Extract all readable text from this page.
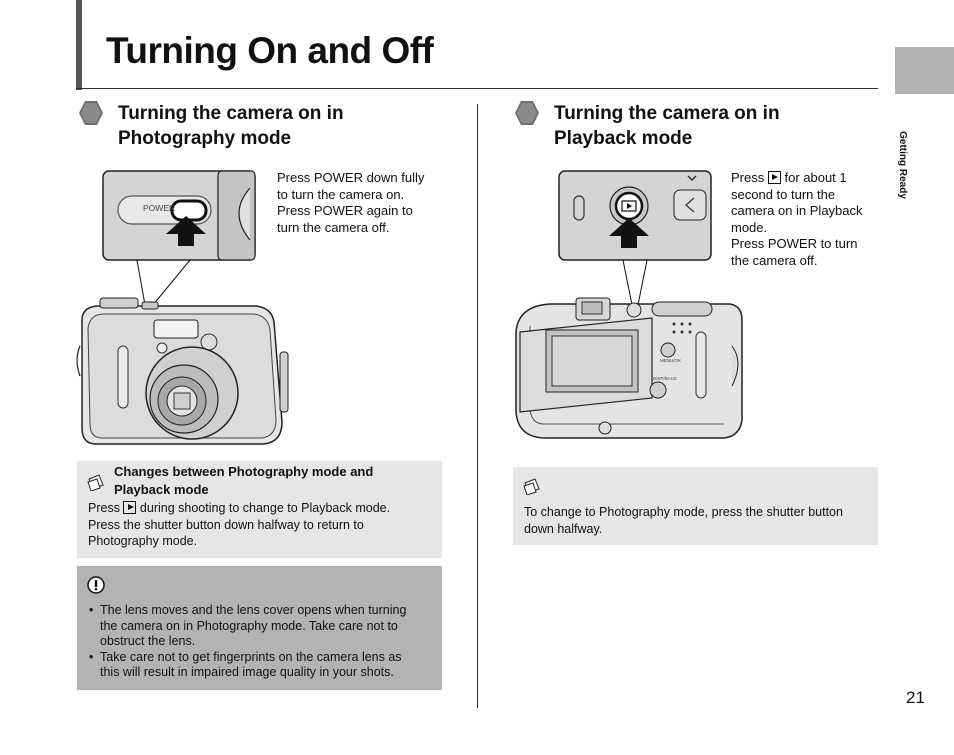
Turning On and Off
Getting Ready
Turning the camera on in
Photography mode
POWER
Press POWER down fully
to turn the camera on.
Press POWER again to
turn the camera off.
Changes between Photography mode and
Playback mode
Press during shooting to change to Playback mode.
Press the shutter button down halfway to return to
Photography mode.
• The lens moves and the lens cover opens when turning
the camera on in Photography mode. Take care not to
obstruct the lens.
• Take care not to get fingerprints on the camera lens as
this will result in impaired image quality in your shots.
Turning the camera on in
Playback mode
Press for about 1
second to turn the
camera on in Playback
mode.
Press POWER to turn
the camera off.
MENU/OK
DISP/BACK
To change to Photography mode, press the shutter button
down halfway.
21
